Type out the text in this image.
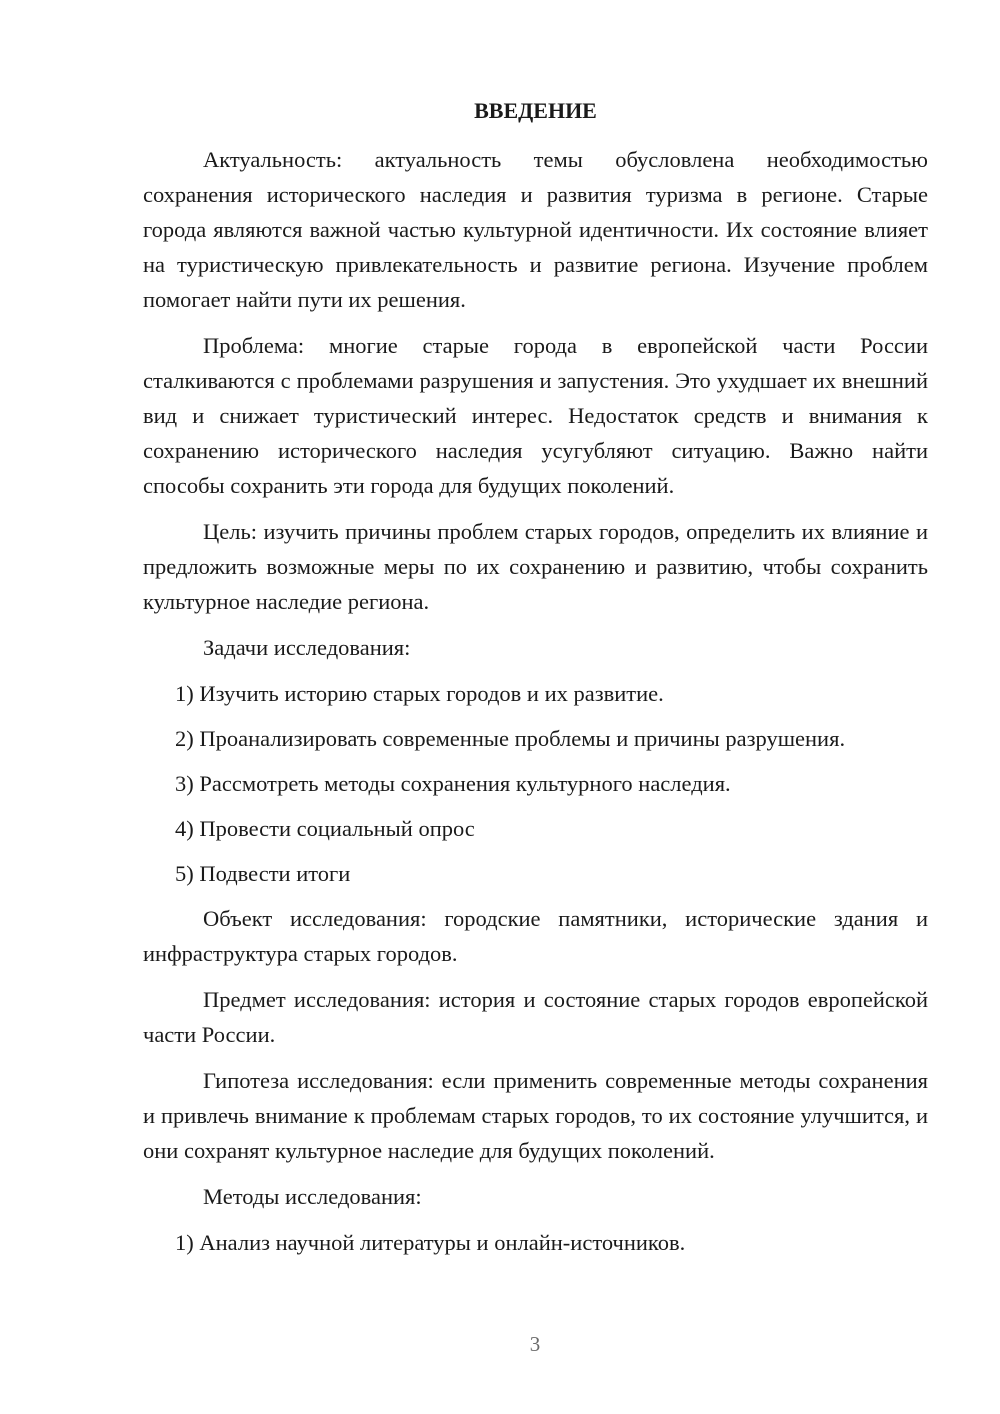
ВВЕДЕНИЕ

Актуальность: актуальность темы обусловлена необходимостью сохранения исторического наследия и развития туризма в регионе. Старые города являются важной частью культурной идентичности. Их состояние влияет на туристическую привлекательность и развитие региона. Изучение проблем помогает найти пути их решения.

Проблема: многие старые города в европейской части России сталкиваются с проблемами разрушения и запустения. Это ухудшает их внешний вид и снижает туристический интерес. Недостаток средств и внимания к сохранению исторического наследия усугубляют ситуацию. Важно найти способы сохранить эти города для будущих поколений.

Цель: изучить причины проблем старых городов, определить их влияние и предложить возможные меры по их сохранению и развитию, чтобы сохранить культурное наследие региона.

Задачи исследования:

1) Изучить историю старых городов и их развитие.
2) Проанализировать современные проблемы и причины разрушения.
3) Рассмотреть методы сохранения культурного наследия.
4) Провести социальный опрос
5) Подвести итоги

Объект исследования: городские памятники, исторические здания и инфраструктура старых городов.

Предмет исследования: история и состояние старых городов европейской части России.

Гипотеза исследования: если применить современные методы сохранения и привлечь внимание к проблемам старых городов, то их состояние улучшится, и они сохранят культурное наследие для будущих поколений.

Методы исследования:

1) Анализ научной литературы и онлайн-источников.
3
